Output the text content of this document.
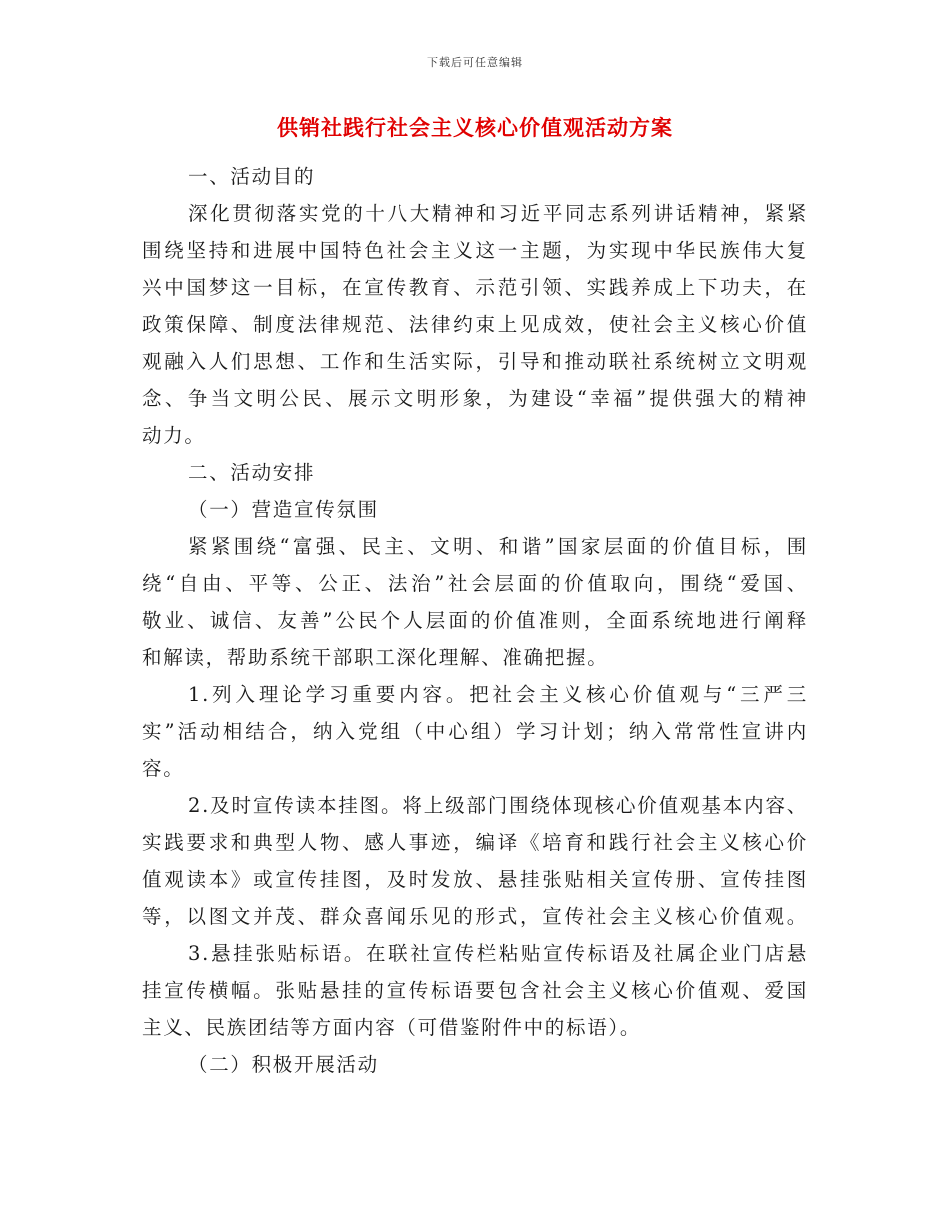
下载后可任意编辑
供销社践行社会主义核心价值观活动方案
一、活动目的
深化贯彻落实党的十八大精神和习近平同志系列讲话精神，紧紧
围绕坚持和进展中国特色社会主义这一主题，为实现中华民族伟大复
兴中国梦这一目标，在宣传教育、示范引领、实践养成上下功夫，在
政策保障、制度法律规范、法律约束上见成效，使社会主义核心价值
观融入人们思想、工作和生活实际，引导和推动联社系统树立文明观
念、争当文明公民、展示文明形象，为建设“幸福”提供强大的精神
动力。
二、活动安排
（一）营造宣传氛围
紧紧围绕“富强、民主、文明、和谐”国家层面的价值目标，围
绕“自由、平等、公正、法治”社会层面的价值取向，围绕“爱国、
敬业、诚信、友善”公民个人层面的价值准则，全面系统地进行阐释
和解读，帮助系统干部职工深化理解、准确把握。
1.列入理论学习重要内容。把社会主义核心价值观与“三严三
实”活动相结合，纳入党组（中心组）学习计划；纳入常常性宣讲内
容。
2.及时宣传读本挂图。将上级部门围绕体现核心价值观基本内容、
实践要求和典型人物、感人事迹，编译《培育和践行社会主义核心价
值观读本》或宣传挂图，及时发放、悬挂张贴相关宣传册、宣传挂图
等，以图文并茂、群众喜闻乐见的形式，宣传社会主义核心价值观。
3.悬挂张贴标语。在联社宣传栏粘贴宣传标语及社属企业门店悬
挂宣传横幅。张贴悬挂的宣传标语要包含社会主义核心价值观、爱国
主义、民族团结等方面内容（可借鉴附件中的标语）。
（二）积极开展活动
